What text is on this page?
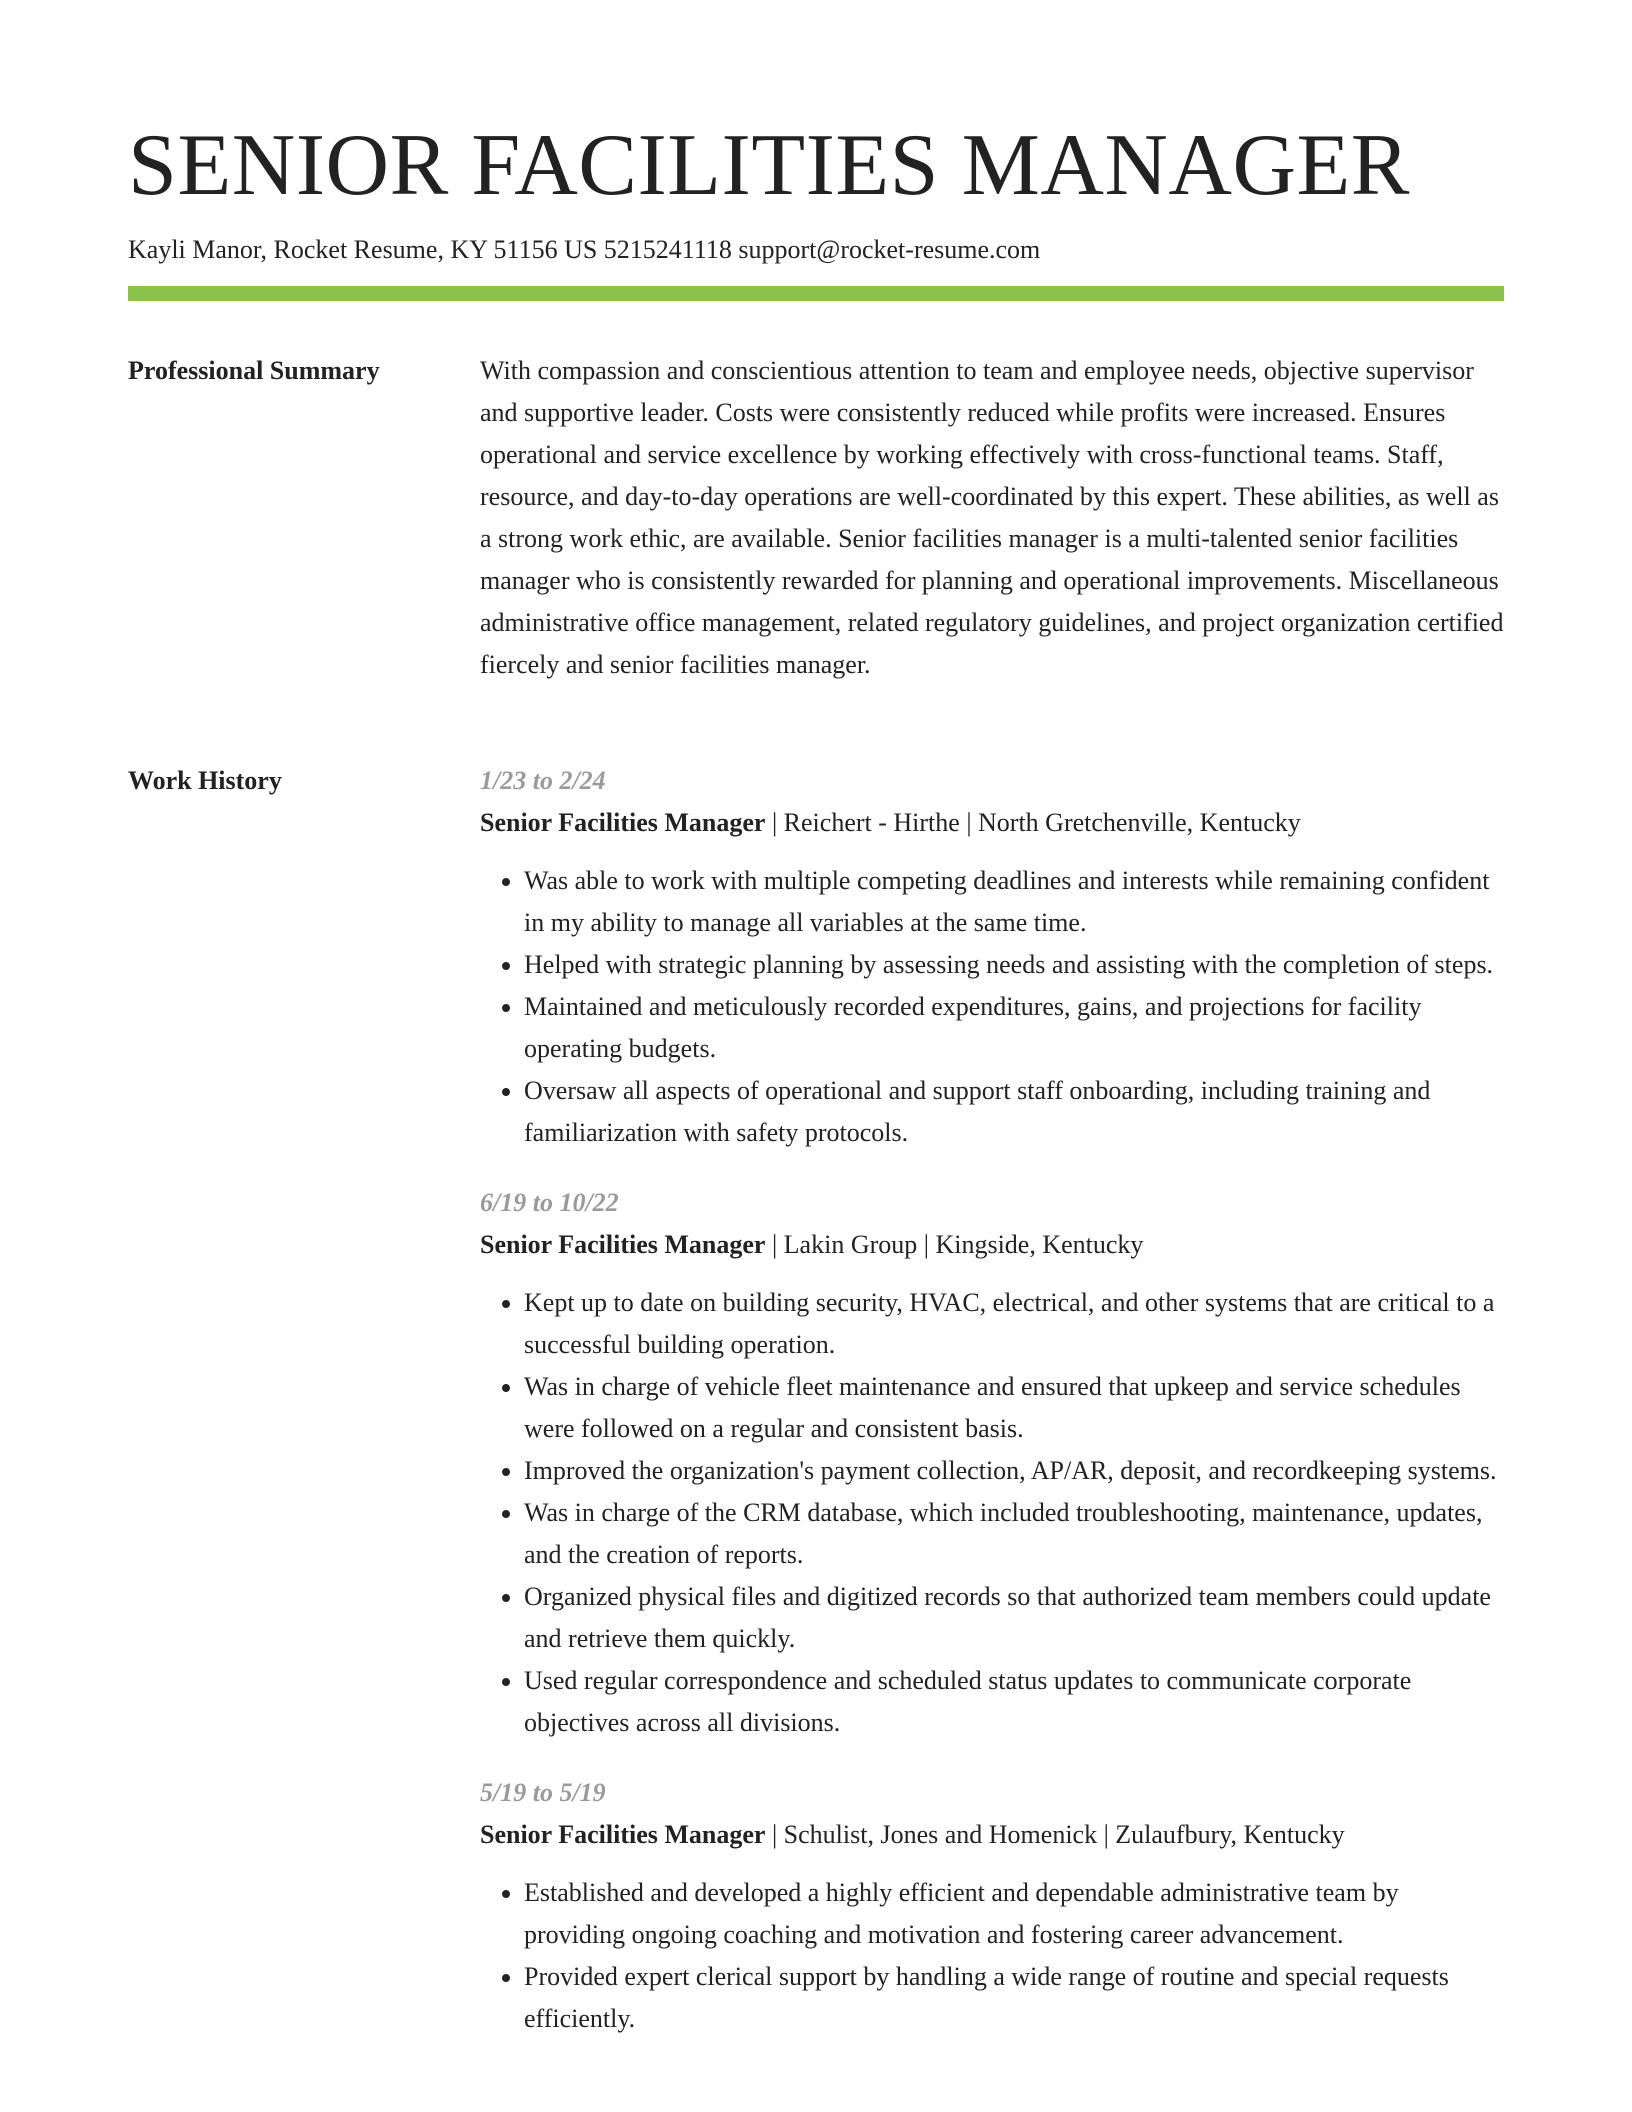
SENIOR FACILITIES MANAGER
Kayli Manor, Rocket Resume, KY 51156 US 5215241118 support@rocket-resume.com
Professional Summary	With compassion and conscientious attention to team and employee needs, objective supervisor and supportive leader. Costs were consistently reduced while profits were increased. Ensures operational and service excellence by working effectively with cross-functional teams. Staff, resource, and day-to-day operations are well-coordinated by this expert. These abilities, as well as a strong work ethic, are available. Senior facilities manager is a multi-talented senior facilities manager who is consistently rewarded for planning and operational improvements. Miscellaneous administrative office management, related regulatory guidelines, and project organization certified fiercely and senior facilities manager.

Work History	1/23 to 2/24
Senior Facilities Manager | Reichert - Hirthe | North Gretchenville, Kentucky
• Was able to work with multiple competing deadlines and interests while remaining confident in my ability to manage all variables at the same time.
• Helped with strategic planning by assessing needs and assisting with the completion of steps.
• Maintained and meticulously recorded expenditures, gains, and projections for facility operating budgets.
• Oversaw all aspects of operational and support staff onboarding, including training and familiarization with safety protocols.
6/19 to 10/22
Senior Facilities Manager | Lakin Group | Kingside, Kentucky
• Kept up to date on building security, HVAC, electrical, and other systems that are critical to a successful building operation.
• Was in charge of vehicle fleet maintenance and ensured that upkeep and service schedules were followed on a regular and consistent basis.
• Improved the organization's payment collection, AP/AR, deposit, and recordkeeping systems.
• Was in charge of the CRM database, which included troubleshooting, maintenance, updates, and the creation of reports.
• Organized physical files and digitized records so that authorized team members could update and retrieve them quickly.
• Used regular correspondence and scheduled status updates to communicate corporate objectives across all divisions.
5/19 to 5/19
Senior Facilities Manager | Schulist, Jones and Homenick | Zulaufbury, Kentucky
• Established and developed a highly efficient and dependable administrative team by providing ongoing coaching and motivation and fostering career advancement.
• Provided expert clerical support by handling a wide range of routine and special requests efficiently.
